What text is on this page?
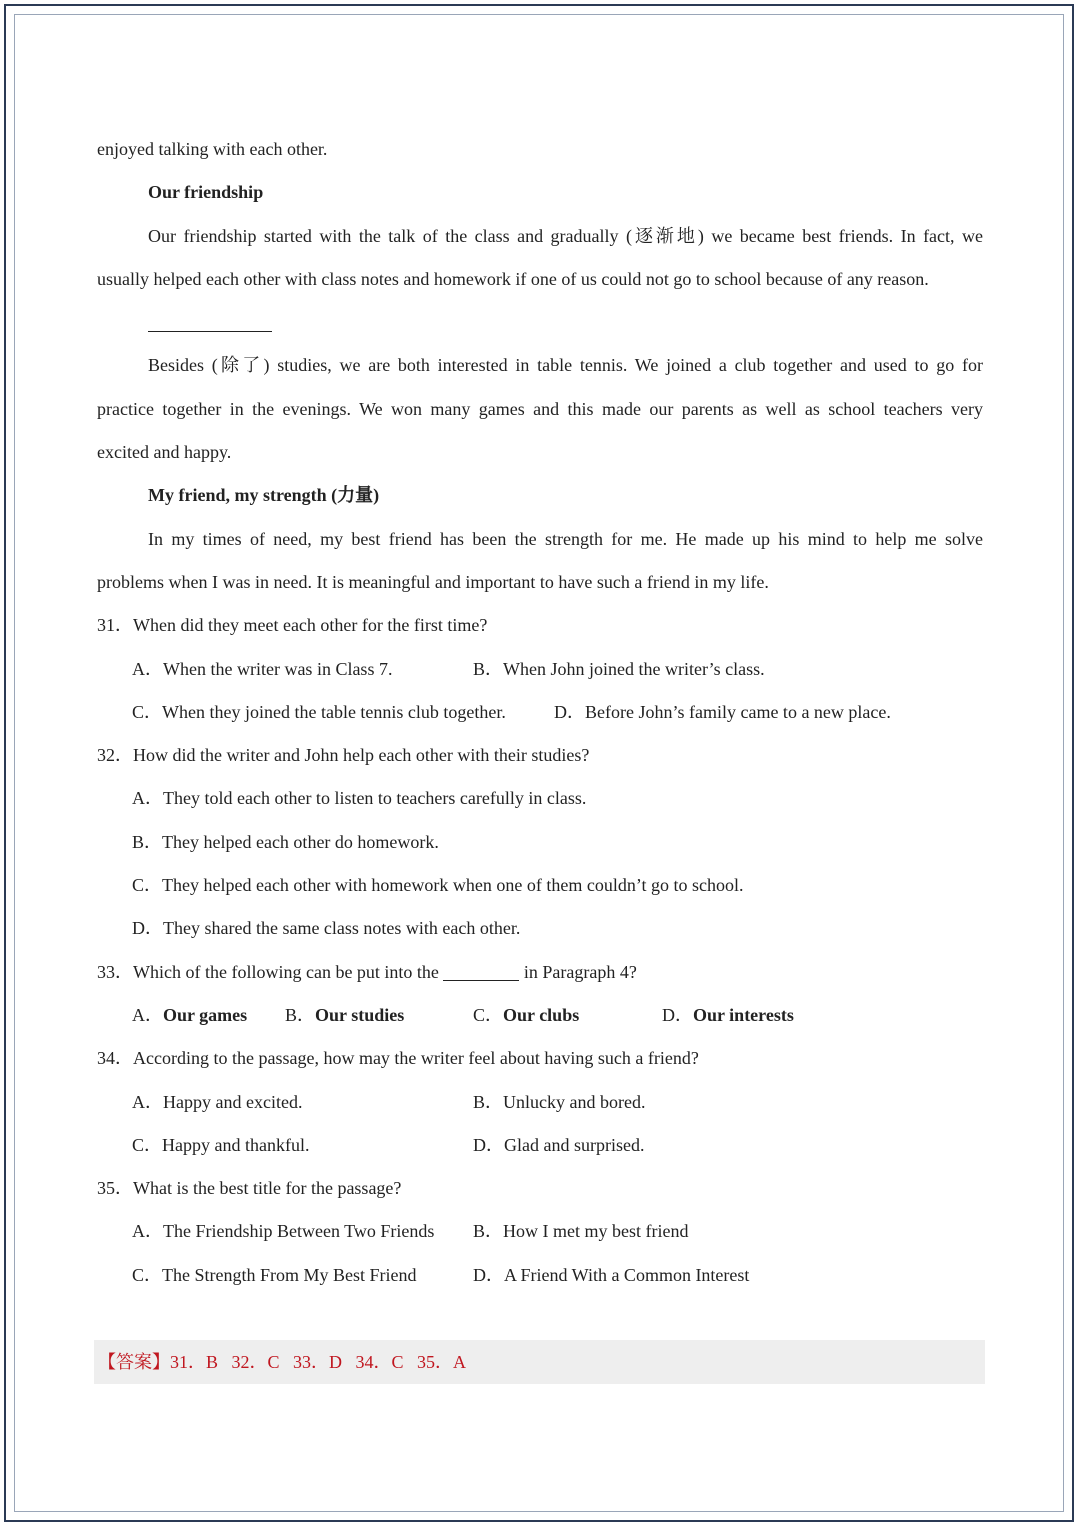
enjoyed talking with each other.
Our friendship
Our friendship started with the talk of the class and gradually (逐渐地) we became best friends. In fact, we
usually helped each other with class notes and homework if one of us could not go to school because of any reason.
Besides (除了) studies, we are both interested in table tennis. We joined a club together and used to go for
practice together in the evenings. We won many games and this made our parents as well as school teachers very
excited and happy.
My friend, my strength (力量)
In my times of need, my best friend has been the strength for me. He made up his mind to help me solve
problems when I was in need. It is meaningful and important to have such a friend in my life.
31．When did they meet each other for the first time?
A．When the writer was in Class 7.	B．When John joined the writer’s class.
C．When they joined the table tennis club together.	D．Before John’s family came to a new place.
32．How did the writer and John help each other with their studies?
A．They told each other to listen to teachers carefully in class.
B．They helped each other do homework.
C．They helped each other with homework when one of them couldn’t go to school.
D．They shared the same class notes with each other.
33．Which of the following can be put into the	in Paragraph 4?
A．Our games B．Our studies	C．Our clubs	D．Our interests
34．According to the passage, how may the writer feel about having such a friend?
A．Happy and excited.	B．Unlucky and bored.
C．Happy and thankful.	D．Glad and surprised.
35．What is the best title for the passage?
A．The Friendship Between Two Friends B．How I met my best friend
C．The Strength From My Best Friend	D．A Friend With a Common Interest
【答案】31．B   32．C   33．D   34．C   35．A
